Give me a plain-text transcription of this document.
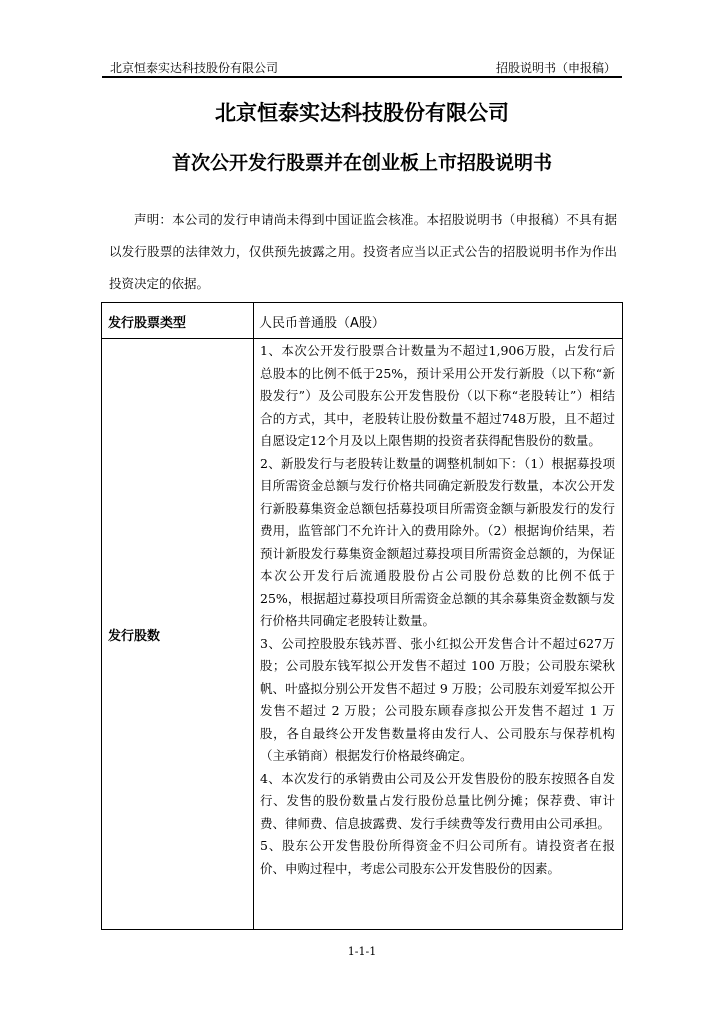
北京恒泰实达科技股份有限公司	招股说明书（申报稿）
北京恒泰实达科技股份有限公司
首次公开发行股票并在创业板上市招股说明书

声明：本公司的发行申请尚未得到中国证监会核准。本招股说明书（申报稿）不具有据以发行股票的法律效力，仅供预先披露之用。投资者应当以正式公告的招股说明书作为作出投资决定的依据。

发行股票类型	人民币普通股（A股）
发行股数

1、本次公开发行股票合计数量为不超过1,906万股，占发行后总股本的比例不低于25%，预计采用公开发行新股（以下称“新股发行”）及公司股东公开发售股份（以下称“老股转让”）相结合的方式，其中，老股转让股份数量不超过748万股，且不超过自愿设定12个月及以上限售期的投资者获得配售股份的数量。

2、新股发行与老股转让数量的调整机制如下：（1）根据募投项目所需资金总额与发行价格共同确定新股发行数量，本次公开发行新股募集资金总额包括募投项目所需资金额与新股发行的发行费用，监管部门不允许计入的费用除外。（2）根据询价结果，若预计新股发行募集资金额超过募投项目所需资金总额的，为保证本次公开发行后流通股股份占公司股份总数的比例不低于 25%，根据超过募投项目所需资金总额的其余募集资金数额与发行价格共同确定老股转让数量。

3、公司控股股东钱苏晋、张小红拟公开发售合计不超过627万股；公司股东钱军拟公开发售不超过 100 万股；公司股东梁秋帆、叶盛拟分别公开发售不超过 9 万股；公司股东刘爱军拟公开发售不超过 2 万股；公司股东顾春彦拟公开发售不超过 1 万股，各自最终公开发售数量将由发行人、公司股东与保荐机构（主承销商）根据发行价格最终确定。

4、本次发行的承销费由公司及公开发售股份的股东按照各自发行、发售的股份数量占发行股份总量比例分摊；保荐费、审计费、律师费、信息披露费、发行手续费等发行费用由公司承担。

5、股东公开发售股份所得资金不归公司所有。请投资者在报价、申购过程中，考虑公司股东公开发售股份的因素。

1-1-1
